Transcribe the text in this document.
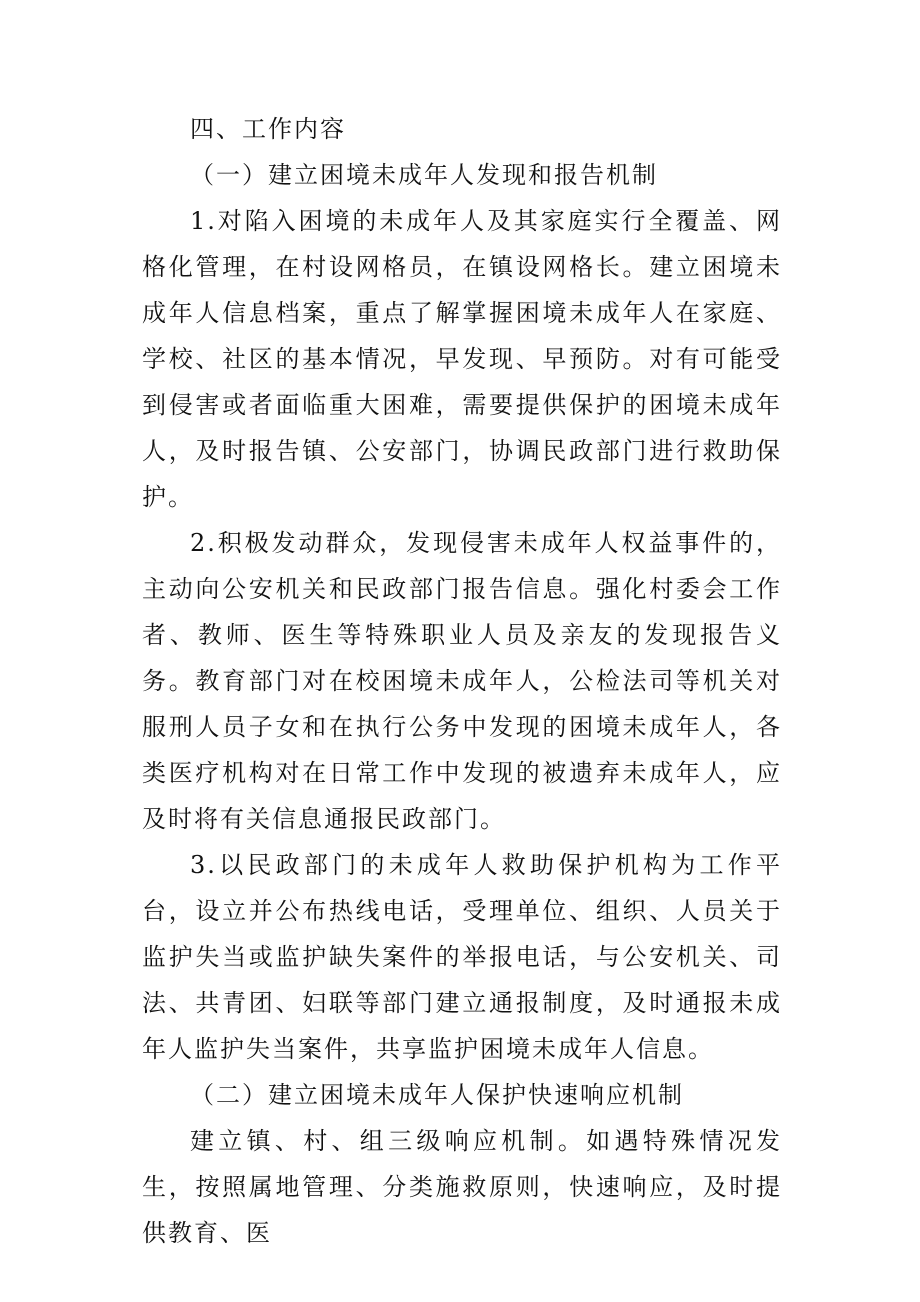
四、工作内容

（一）建立困境未成年人发现和报告机制

1.对陷入困境的未成年人及其家庭实行全覆盖、网格化管理，在村设网格员，在镇设网格长。建立困境未成年人信息档案，重点了解掌握困境未成年人在家庭、学校、社区的基本情况，早发现、早预防。对有可能受到侵害或者面临重大困难，需要提供保护的困境未成年人，及时报告镇、公安部门，协调民政部门进行救助保护。

2.积极发动群众，发现侵害未成年人权益事件的，主动向公安机关和民政部门报告信息。强化村委会工作者、教师、医生等特殊职业人员及亲友的发现报告义务。教育部门对在校困境未成年人，公检法司等机关对服刑人员子女和在执行公务中发现的困境未成年人，各类医疗机构对在日常工作中发现的被遗弃未成年人，应及时将有关信息通报民政部门。

3.以民政部门的未成年人救助保护机构为工作平台，设立并公布热线电话，受理单位、组织、人员关于监护失当或监护缺失案件的举报电话，与公安机关、司法、共青团、妇联等部门建立通报制度，及时通报未成年人监护失当案件，共享监护困境未成年人信息。

（二）建立困境未成年人保护快速响应机制

建立镇、村、组三级响应机制。如遇特殊情况发生，按照属地管理、分类施救原则，快速响应，及时提供教育、医
